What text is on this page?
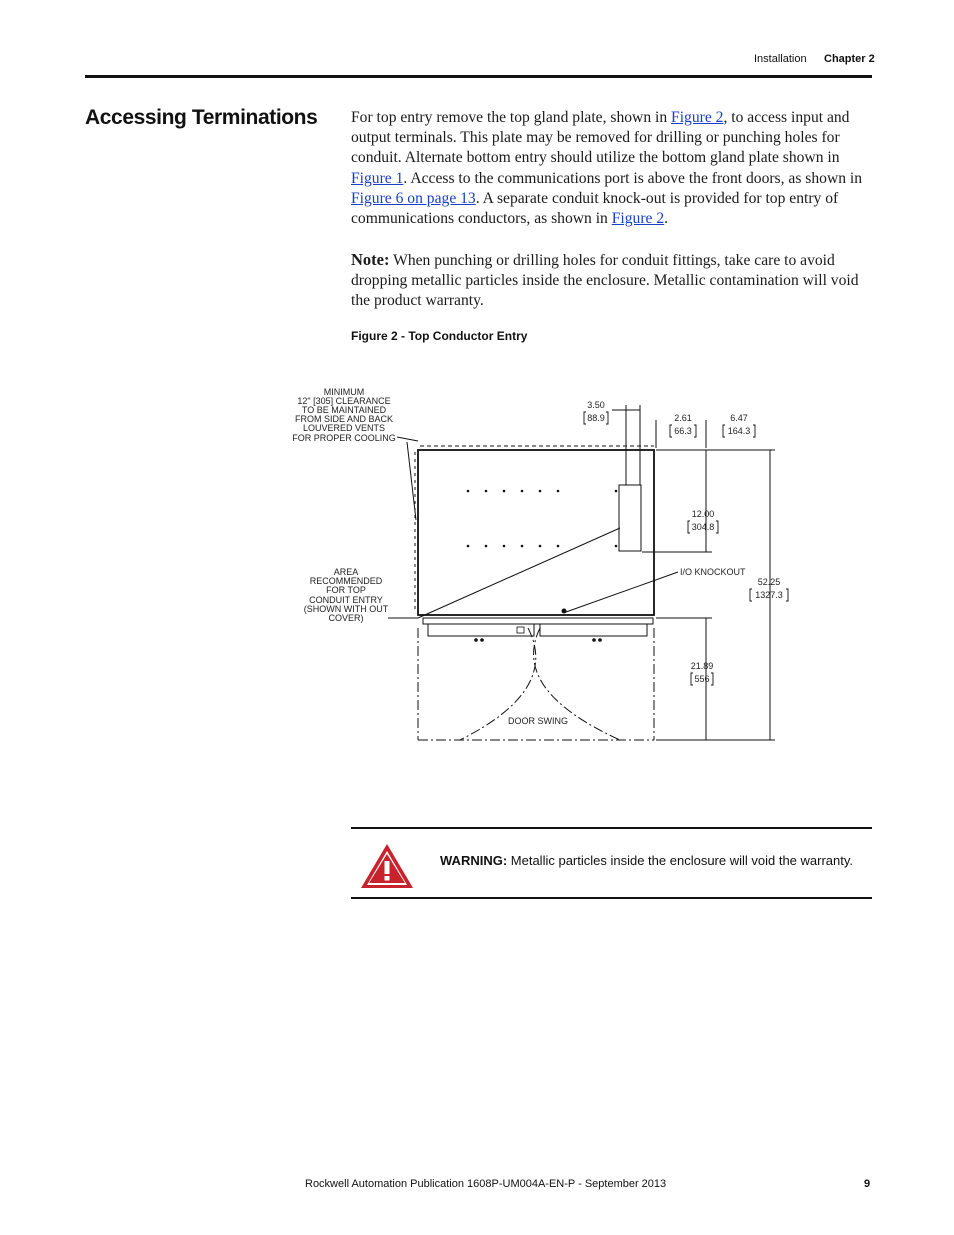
Installation Chapter 2
Accessing Terminations For top entry remove the top gland plate, shown in Figure 2, to access input and output terminals. This plate may be removed for drilling or punching holes for conduit. Alternate bottom entry should utilize the bottom gland plate shown in Figure 1. Access to the communications port is above the front doors, as shown in Figure 6 on page 13. A separate conduit knock-out is provided for top entry of communications conductors, as shown in Figure 2.

Note: When punching or drilling holes for conduit fittings, take care to avoid dropping metallic particles inside the enclosure. Metallic contamination will void the product warranty.

Figure 2 - Top Conductor Entry

MINIMUM
12" [305] CLEARANCE
TO BE MAINTAINED
FROM SIDE AND BACK
LOUVERED VENTS
FOR PROPER COOLING
AREA
RECOMMENDED
FOR TOP
CONDUIT ENTRY
(SHOWN WITH OUT
COVER)
I/O KNOCKOUT
DOOR SWING
3.50
88.9	2.61
66.3
6.47
164.3
12.00
304.8
52.25
1327.3
21.89
556
WARNING: Metallic particles inside the enclosure will void the warranty.
Rockwell Automation Publication 1608P-UM004A-EN-P - September 2013	9
